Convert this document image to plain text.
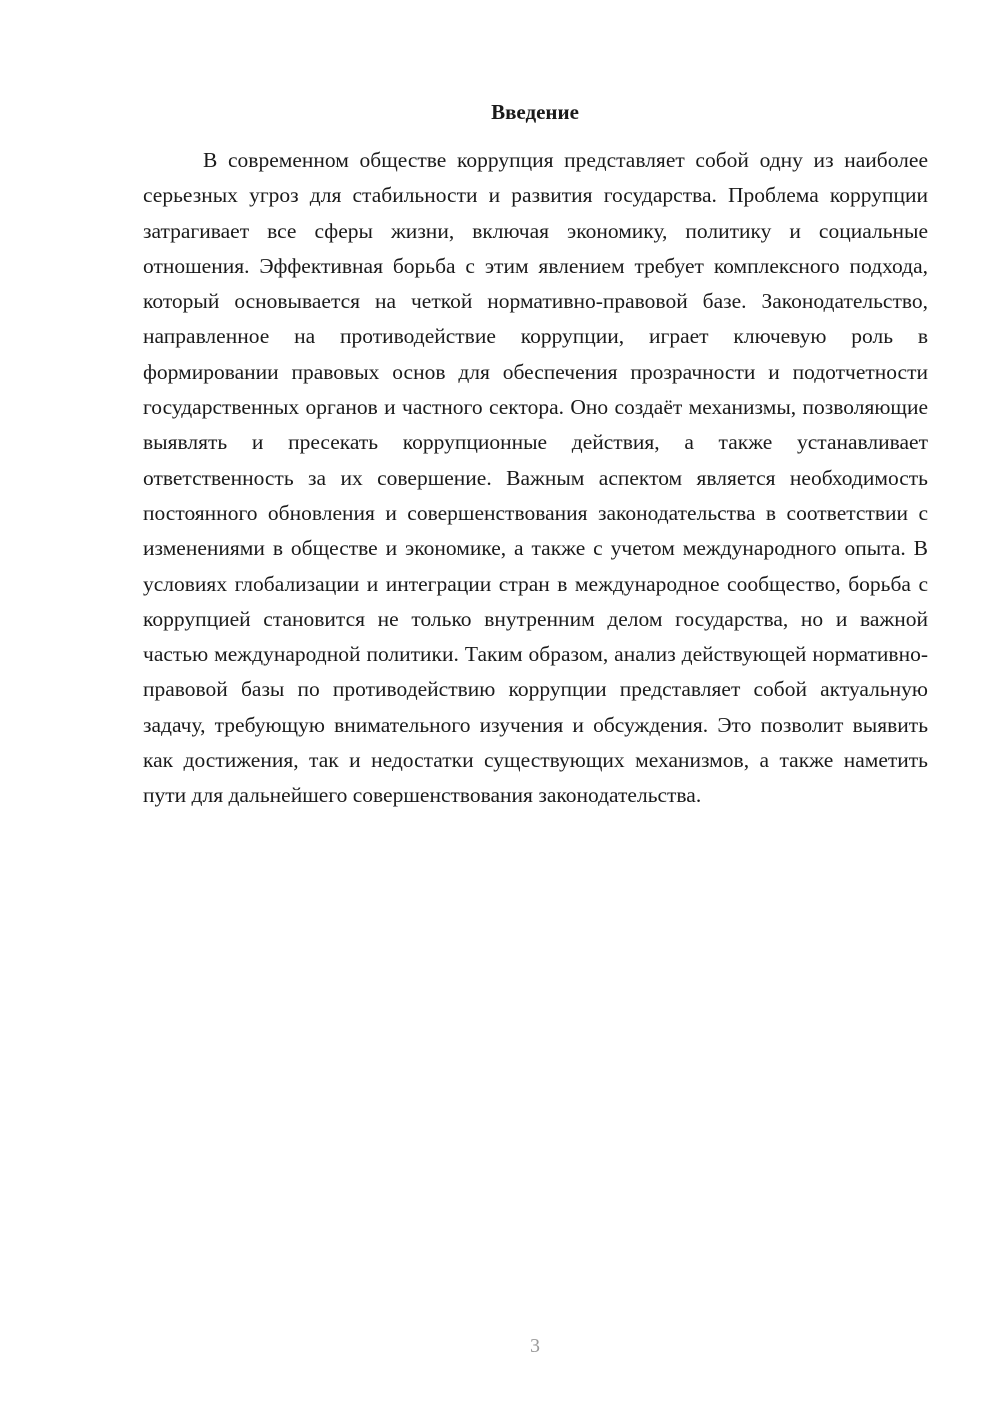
Введение

В современном обществе коррупция представляет собой одну из наиболее серьезных угроз для стабильности и развития государства. Проблема коррупции затрагивает все сферы жизни, включая экономику, политику и социальные отношения. Эффективная борьба с этим явлением требует комплексного подхода, который основывается на четкой нормативно-правовой базе. Законодательство, направленное на противодействие коррупции, играет ключевую роль в формировании правовых основ для обеспечения прозрачности и подотчетности государственных органов и частного сектора. Оно создаёт механизмы, позволяющие выявлять и пресекать коррупционные действия, а также устанавливает ответственность за их совершение. Важным аспектом является необходимость постоянного обновления и совершенствования законодательства в соответствии с изменениями в обществе и экономике, а также с учетом международного опыта. В условиях глобализации и интеграции стран в международное сообщество, борьба с коррупцией становится не только внутренним делом государства, но и важной частью международной политики. Таким образом, анализ действующей нормативно-правовой базы по противодействию коррупции представляет собой актуальную задачу, требующую внимательного изучения и обсуждения. Это позволит выявить как достижения, так и недостатки существующих механизмов, а также наметить пути для дальнейшего совершенствования законодательства.

3
